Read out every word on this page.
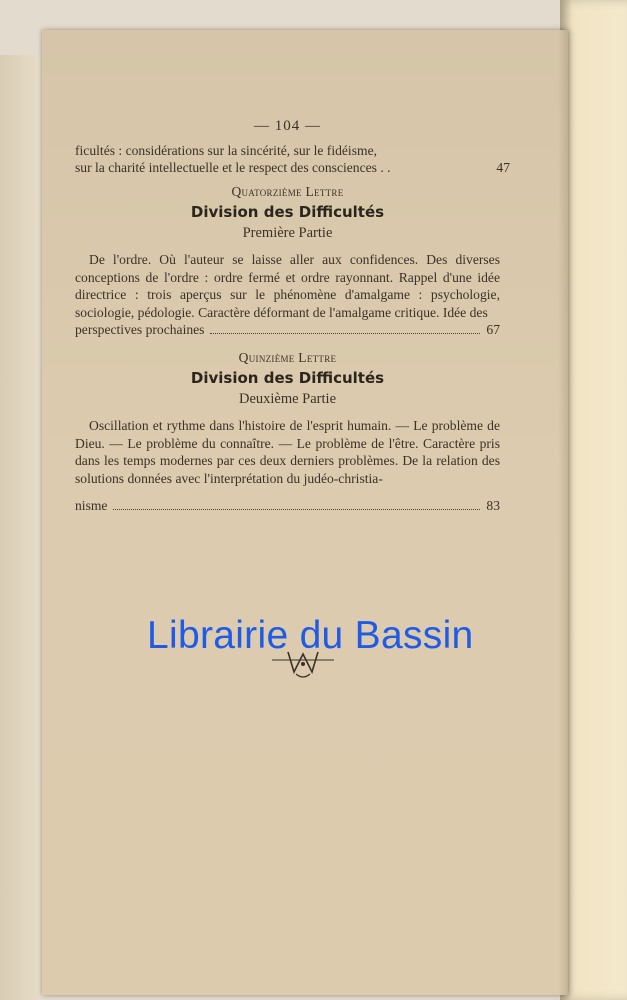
— 104 —
ficultés : considérations sur la sincérité, sur le fidéisme,
sur la charité intellectuelle et le respect des consciences . .	47
Quatorzième Lettre
Division des Difficultés
Première Partie
De l'ordre. Où l'auteur se laisse aller aux confidences. Des diverses conceptions de l'ordre : ordre fermé et ordre rayonnant. Rappel d'une idée directrice : trois aperçus sur le phénomène d'amalgame : psychologie, sociologie, pédologie. Caractère déformant de l'amalgame critique. Idée des
perspectives prochaines	67
Quinzième Lettre
Division des Difficultés
Deuxième Partie
Oscillation et rythme dans l'histoire de l'esprit humain. — Le problème de Dieu. — Le problème du connaître. — Le problème de l'être. Caractère pris dans les temps modernes par ces deux derniers problèmes. De la relation des solutions données avec l'interprétation du judéo-christia-
nisme	83
Librairie du Bassin
